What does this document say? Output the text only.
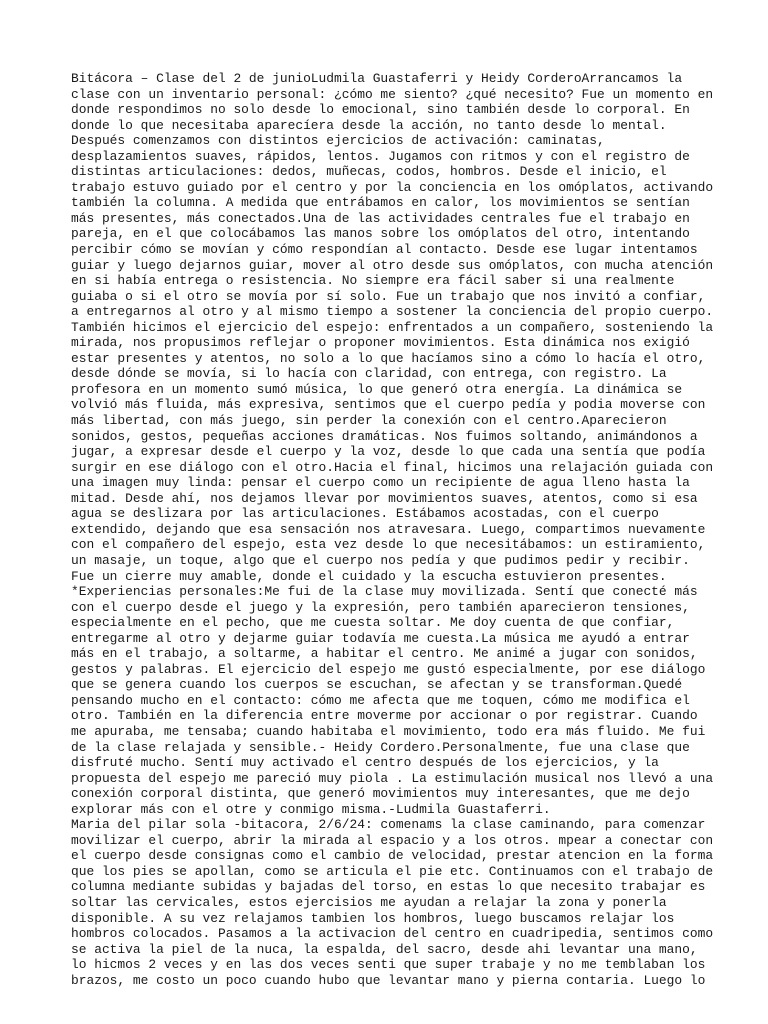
Bitácora – Clase del 2 de junioLudmila Guastaferri y Heidy CorderoArrancamos la
clase con un inventario personal: ¿cómo me siento? ¿qué necesito? Fue un momento en
donde respondimos no solo desde lo emocional, sino también desde lo corporal. En
donde lo que necesitaba aparecíera desde la acción, no tanto desde lo mental.
Después comenzamos con distintos ejercicios de activación: caminatas,
desplazamientos suaves, rápidos, lentos. Jugamos con ritmos y con el registro de
distintas articulaciones: dedos, muñecas, codos, hombros. Desde el inicio, el
trabajo estuvo guiado por el centro y por la conciencia en los omóplatos, activando
también la columna. A medida que entrábamos en calor, los movimientos se sentían
más presentes, más conectados.Una de las actividades centrales fue el trabajo en
pareja, en el que colocábamos las manos sobre los omóplatos del otro, intentando
percibir cómo se movían y cómo respondían al contacto. Desde ese lugar intentamos
guiar y luego dejarnos guiar, mover al otro desde sus omóplatos, con mucha atención
en si había entrega o resistencia. No siempre era fácil saber si una realmente
guiaba o si el otro se movía por sí solo. Fue un trabajo que nos invitó a confiar,
a entregarnos al otro y al mismo tiempo a sostener la conciencia del propio cuerpo.
También hicimos el ejercicio del espejo: enfrentados a un compañero, sosteniendo la
mirada, nos propusimos reflejar o proponer movimientos. Esta dinámica nos exigió
estar presentes y atentos, no solo a lo que hacíamos sino a cómo lo hacía el otro,
desde dónde se movía, si lo hacía con claridad, con entrega, con registro. La
profesora en un momento sumó música, lo que generó otra energía. La dinámica se
volvió más fluida, más expresiva, sentimos que el cuerpo pedía y podia moverse con
más libertad, con más juego, sin perder la conexión con el centro.Aparecieron
sonidos, gestos, pequeñas acciones dramáticas. Nos fuimos soltando, animándonos a
jugar, a expresar desde el cuerpo y la voz, desde lo que cada una sentía que podía
surgir en ese diálogo con el otro.Hacia el final, hicimos una relajación guiada con
una imagen muy linda: pensar el cuerpo como un recipiente de agua lleno hasta la
mitad. Desde ahí, nos dejamos llevar por movimientos suaves, atentos, como si esa
agua se deslizara por las articulaciones. Estábamos acostadas, con el cuerpo
extendido, dejando que esa sensación nos atravesara. Luego, compartimos nuevamente
con el compañero del espejo, esta vez desde lo que necesitábamos: un estiramiento,
un masaje, un toque, algo que el cuerpo nos pedía y que pudimos pedir y recibir.
Fue un cierre muy amable, donde el cuidado y la escucha estuvieron presentes.
*Experiencias personales:Me fui de la clase muy movilizada. Sentí que conecté más
con el cuerpo desde el juego y la expresión, pero también aparecieron tensiones,
especialmente en el pecho, que me cuesta soltar. Me doy cuenta de que confiar,
entregarme al otro y dejarme guiar todavía me cuesta.La música me ayudó a entrar
más en el trabajo, a soltarme, a habitar el centro. Me animé a jugar con sonidos,
gestos y palabras. El ejercicio del espejo me gustó especialmente, por ese diálogo
que se genera cuando los cuerpos se escuchan, se afectan y se transforman.Quedé
pensando mucho en el contacto: cómo me afecta que me toquen, cómo me modifica el
otro. También en la diferencia entre moverme por accionar o por registrar. Cuando
me apuraba, me tensaba; cuando habitaba el movimiento, todo era más fluido. Me fui
de la clase relajada y sensible.- Heidy Cordero.Personalmente, fue una clase que
disfruté mucho. Sentí muy activado el centro después de los ejercicios, y la
propuesta del espejo me pareció muy piola . La estimulación musical nos llevó a una
conexión corporal distinta, que generó movimientos muy interesantes, que me dejo
explorar más con el otre y conmigo misma.-Ludmila Guastaferri.
Maria del pilar sola -bitacora, 2/6/24: comenams la clase caminando, para comenzar
movilizar el cuerpo, abrir la mirada al espacio y a los otros. mpear a conectar con
el cuerpo desde consignas como el cambio de velocidad, prestar atencion en la forma
que los pies se apollan, como se articula el pie etc. Continuamos con el trabajo de
columna mediante subidas y bajadas del torso, en estas lo que necesito trabajar es
soltar las cervicales, estos ejercisios me ayudan a relajar la zona y ponerla
disponible. A su vez relajamos tambien los hombros, luego buscamos relajar los
hombros colocados. Pasamos a la activacion del centro en cuadripedia, sentimos como
se activa la piel de la nuca, la espalda, del sacro, desde ahi levantar una mano,
lo hicmos 2 veces y en las dos veces senti que super trabaje y no me temblaban los
brazos, me costo un poco cuando hubo que levantar mano y pierna contaria. Luego lo
